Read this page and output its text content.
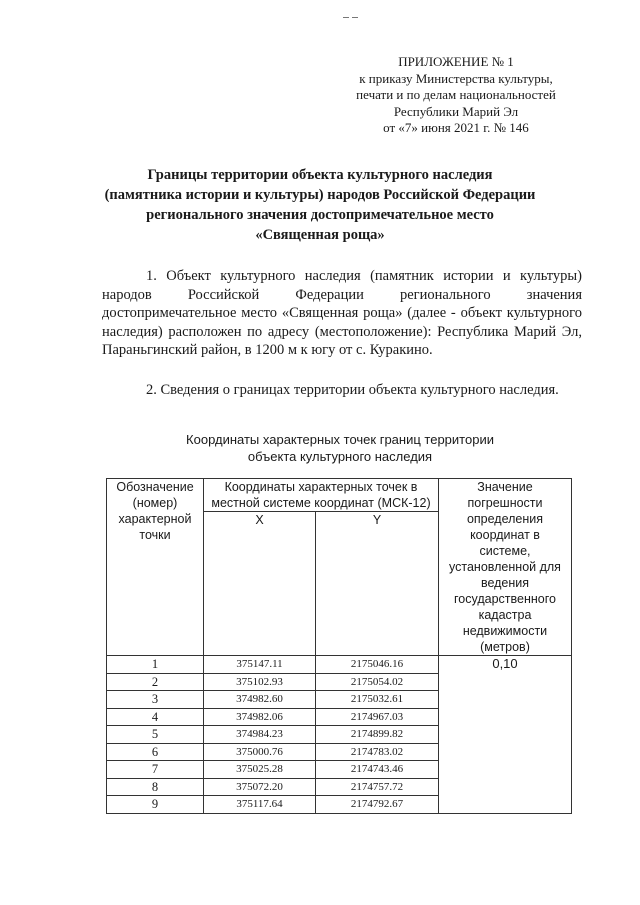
ПРИЛОЖЕНИЕ № 1
к приказу Министерства культуры,
печати и по делам национальностей
Республики Марий Эл
от «7» июня 2021 г. № 146
Границы территории объекта культурного наследия
(памятника истории и культуры) народов Российской Федерации
регионального значения достопримечательное место
«Священная роща»
1. Объект культурного наследия (памятник истории и культуры) народов Российской Федерации регионального значения достопримечательное место «Священная роща» (далее - объект культурного наследия) расположен по адресу (местоположение): Республика Марий Эл, Параньгинский район, в 1200 м к югу от с. Куракино.
2. Сведения о границах территории объекта культурного наследия.
Координаты характерных точек границ территории
объекта культурного наследия
Обозначение (номер) характерной точки	Координаты характерных точек в местной системе координат (МСК-12)		Значение погрешности определения координат в системе, установленной для ведения государственного кадастра недвижимости (метров)
	X	Y	
1	375147.11	2175046.16	0,10
2	375102.93	2175054.02	
3	374982.60	2175032.61	
4	374982.06	2174967.03	
5	374984.23	2174899.82	
6	375000.76	2174783.02	
7	375025.28	2174743.46	
8	375072.20	2174757.72	
9	375117.64	2174792.67	
